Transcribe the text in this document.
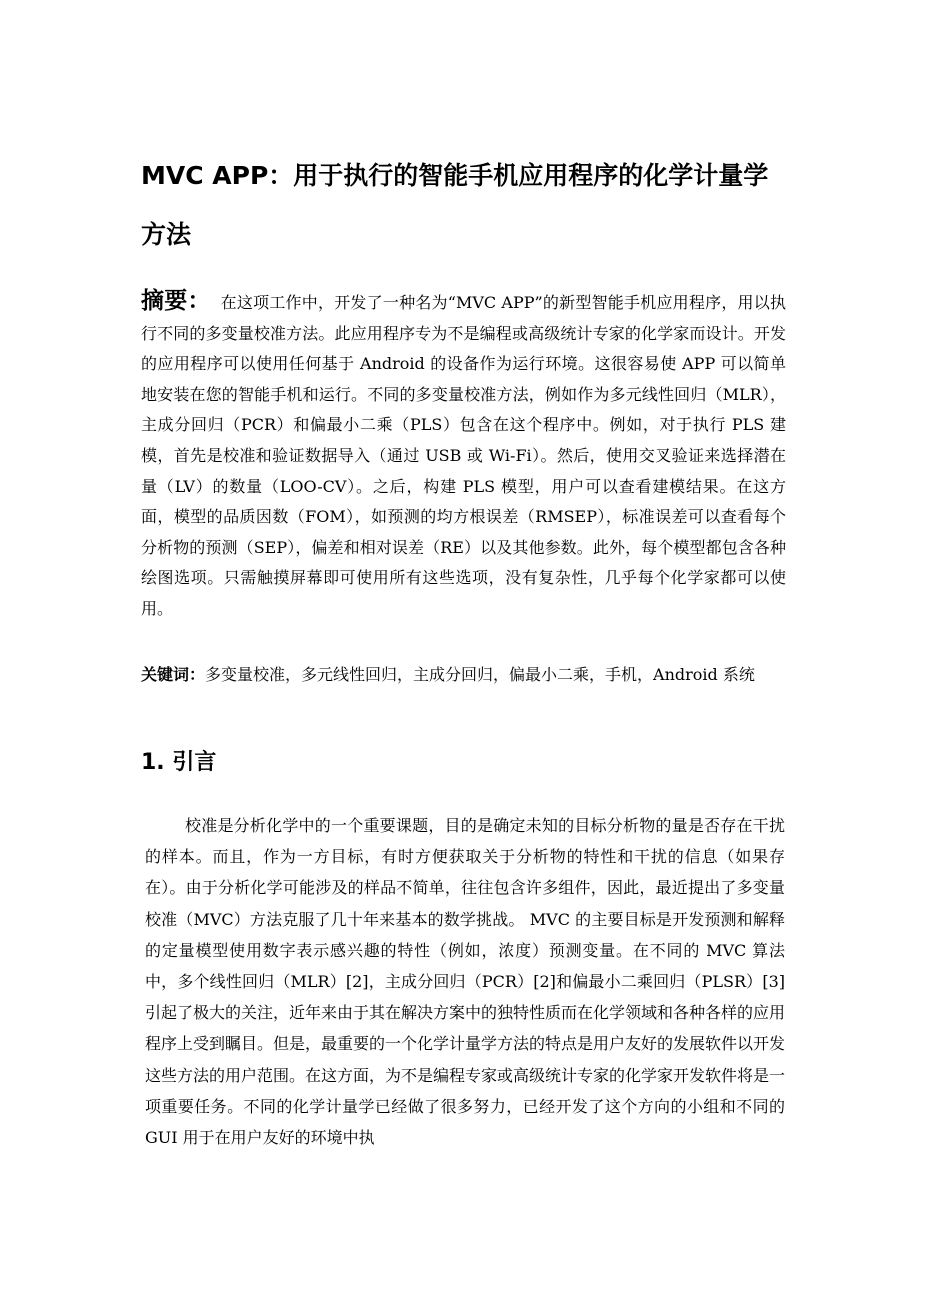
MVC APP：用于执行的智能手机应用程序的化学计量学方法
摘要： 在这项工作中，开发了一种名为“MVC APP”的新型智能手机应用程序，用以执行不同的多变量校准方法。此应用程序专为不是编程或高级统计专家的化学家而设计。开发的应用程序可以使用任何基于 Android 的设备作为运行环境。这很容易使 APP 可以简单地安装在您的智能手机和运行。不同的多变量校准方法，例如作为多元线性回归（MLR），主成分回归（PCR）和偏最小二乘（PLS）包含在这个程序中。例如，对于执行 PLS 建模，首先是校准和验证数据导入（通过 USB 或 Wi-Fi）。然后，使用交叉验证来选择潜在量（LV）的数量（LOO-CV）。之后，构建 PLS 模型，用户可以查看建模结果。在这方面，模型的品质因数（FOM），如预测的均方根误差（RMSEP），标准误差可以查看每个分析物的预测（SEP），偏差和相对误差（RE）以及其他参数。此外，每个模型都包含各种绘图选项。只需触摸屏幕即可使用所有这些选项，没有复杂性，几乎每个化学家都可以使用。
关键词：多变量校准，多元线性回归，主成分回归，偏最小二乘，手机，Android 系统
1. 引言

校准是分析化学中的一个重要课题，目的是确定未知的目标分析物的量是否存在干扰的样本。而且，作为一方目标，有时方便获取关于分析物的特性和干扰的信息（如果存在）。由于分析化学可能涉及的样品不简单，往往包含许多组件，因此，最近提出了多变量校准（MVC）方法克服了几十年来基本的数学挑战。 MVC 的主要目标是开发预测和解释的定量模型使用数字表示感兴趣的特性（例如，浓度）预测变量。在不同的 MVC 算法中，多个线性回归（MLR）[2]，主成分回归（PCR）[2]和偏最小二乘回归（PLSR）[3]引起了极大的关注，近年来由于其在解决方案中的独特性质而在化学领域和各种各样的应用程序上受到瞩目。但是，最重要的一个化学计量学方法的特点是用户友好的发展软件以开发这些方法的用户范围。在这方面，为不是编程专家或高级统计专家的化学家开发软件将是一项重要任务。不同的化学计量学已经做了很多努力，已经开发了这个方向的小组和不同的 GUI 用于在用户友好的环境中执
